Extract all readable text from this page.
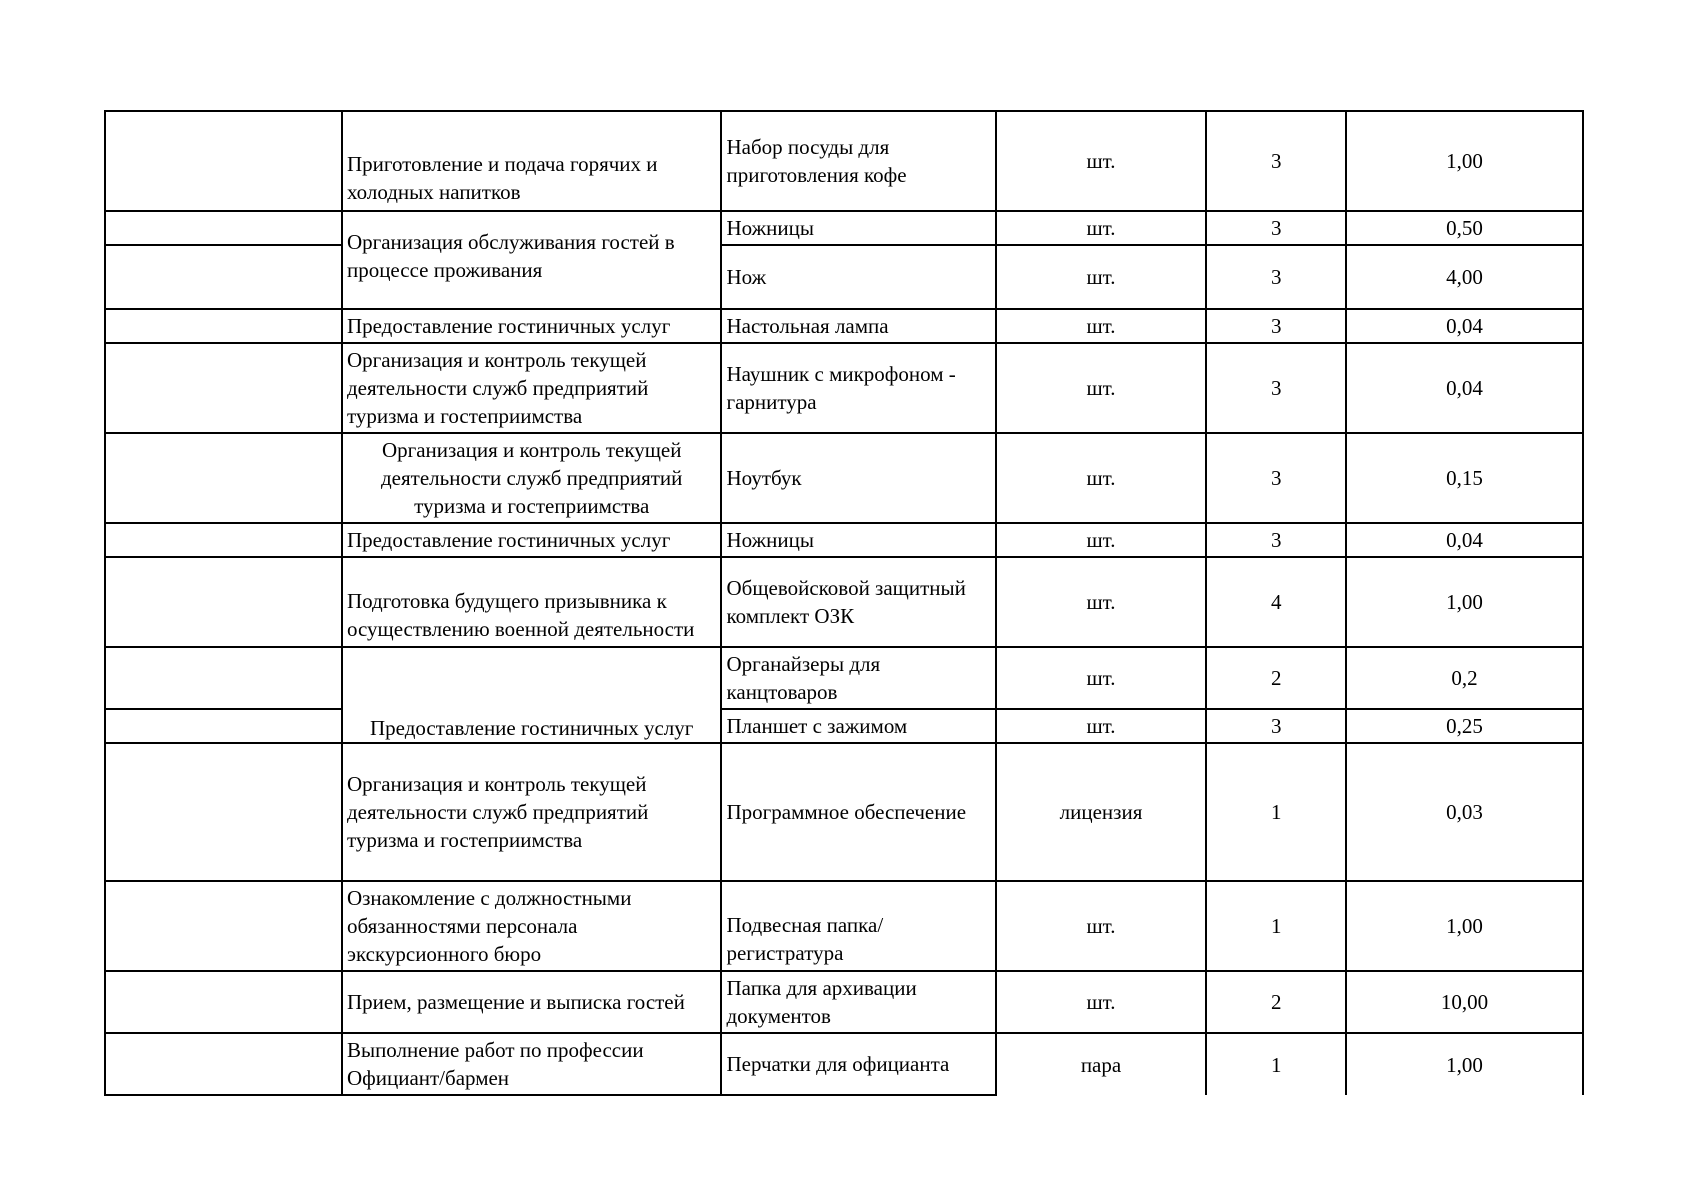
	Приготовление и подача горячих и холодных напитков	Набор посуды для приготовления кофе	шт.	3	1,00
	Организация обслуживания гостей в процессе проживания	Ножницы	шт.	3	0,50
		Нож	шт.	3	4,00
	Предоставление гостиничных услуг	Настольная лампа	шт.	3	0,04
	Организация и контроль текущей деятельности служб предприятий туризма и гостеприимства	Наушник с микрофоном - гарнитура	шт.	3	0,04
	Организация и контроль текущей деятельности служб предприятий туризма и гостеприимства	Ноутбук	шт.	3	0,15
	Предоставление гостиничных услуг	Ножницы	шт.	3	0,04
	Подготовка будущего призывника к осуществлению военной деятельности	Общевойсковой защитный комплект ОЗК	шт.	4	1,00
	Предоставление гостиничных услуг	Органайзеры для канцтоваров	шт.	2	0,2
		Планшет с зажимом	шт.	3	0,25
	Организация и контроль текущей деятельности служб предприятий туризма и гостеприимства	Программное обеспечение	лицензия	1	0,03
	Ознакомление с должностными обязанностями персонала экскурсионного бюро	Подвесная папка/регистратура	шт.	1	1,00
	Прием, размещение и выписка гостей	Папка для архивации документов	шт.	2	10,00
	Выполнение работ по профессии Официант/бармен	Перчатки для официанта	пара	1	1,00
